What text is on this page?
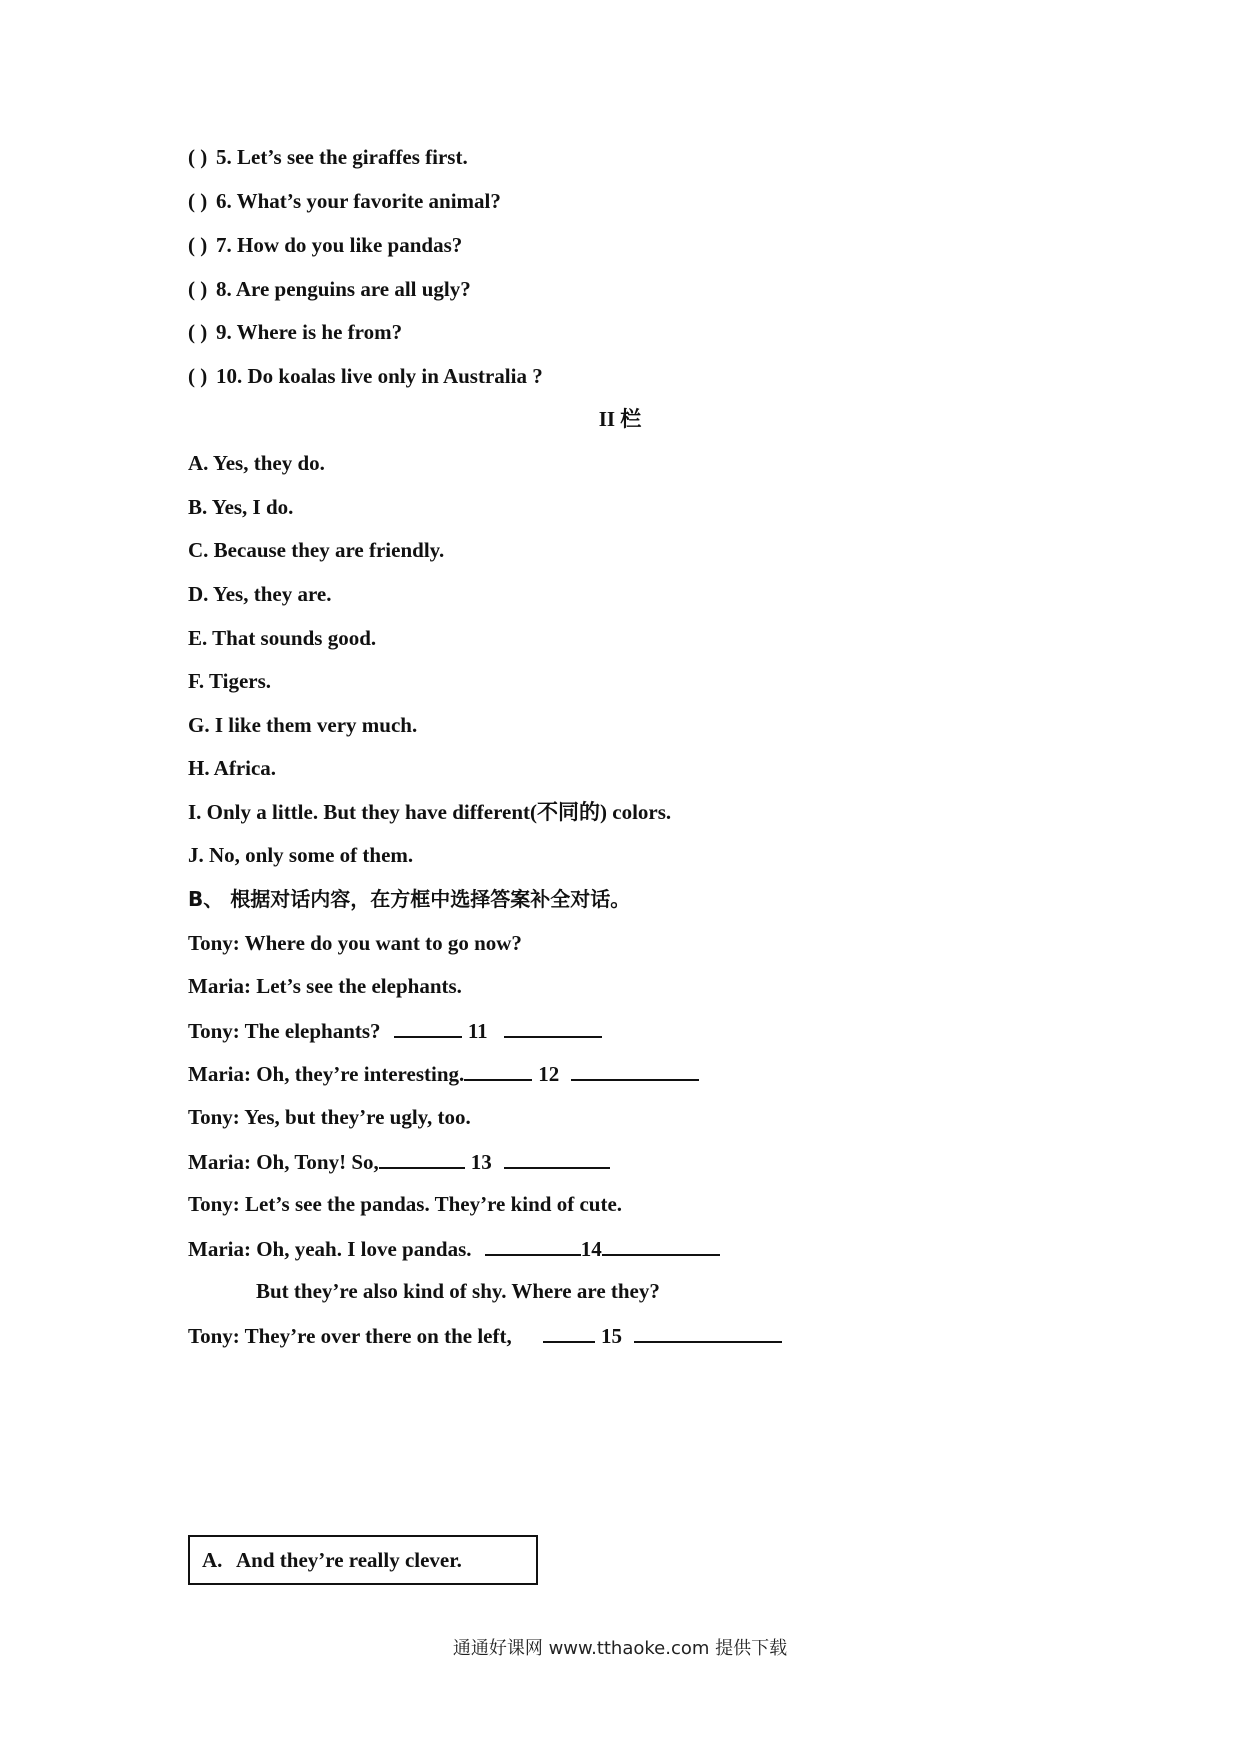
( ) 5. Let’s see the giraffes first.
( ) 6. What’s your favorite animal?
( ) 7. How do you like pandas?
( ) 8. Are penguins are all ugly?
( ) 9. Where is he from?
( ) 10. Do koalas live only in Australia ?
II 栏
A. Yes, they do.
B. Yes, I do.
C. Because they are friendly.
D. Yes, they are.
E. That sounds good.
F. Tigers.
G. I like them very much.
H. Africa.
I. Only a little. But they have different(不同的) colors.
J. No, only some of them.
B、 根据对话内容，在方框中选择答案补全对话。
Tony: Where do you want to go now?
Maria: Let’s see the elephants.
Tony: The elephants?	11
Maria: Oh, they’re interesting.	12
Tony: Yes, but they’re ugly, too.
Maria: Oh, Tony! So,	13
Tony: Let’s see the pandas. They’re kind of cute.
Maria: Oh, yeah. I love pandas.	14
But they’re also kind of shy. Where are they?
Tony: They’re over there on the left,	15
A. And they’re really clever.
通通好课网 www.tthaoke.com 提供下载
